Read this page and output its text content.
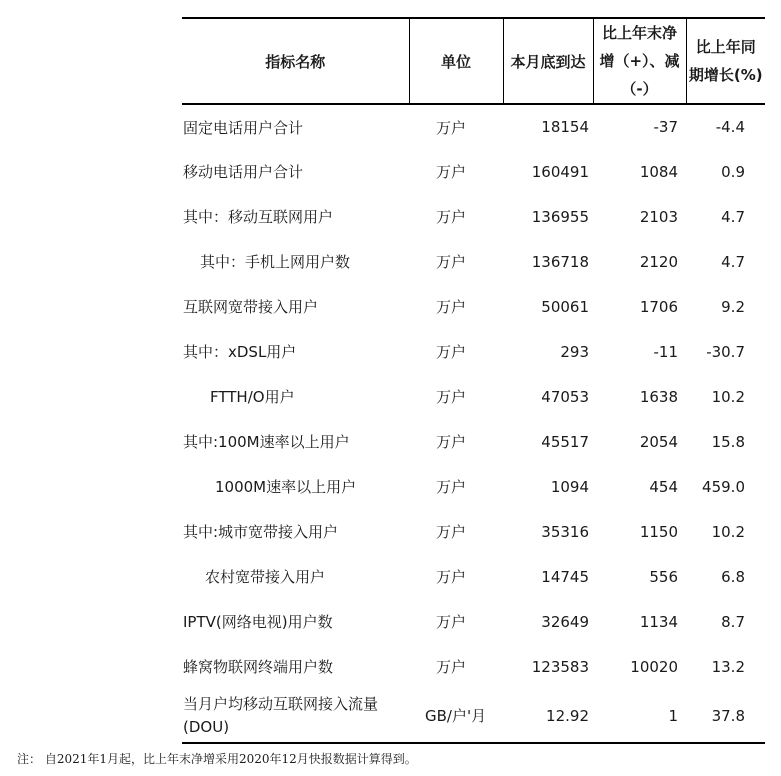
指标名称	单位	本月底到达	比上年末净增（+）、减（-）	比上年同期增长(%)
固定电话用户合计	万户	18154	-37	-4.4
移动电话用户合计	万户	160491	1084	0.9
其中：移动互联网用户	万户	136955	2103	4.7
其中：手机上网用户数	万户	136718	2120	4.7
互联网宽带接入用户	万户	50061	1706	9.2
其中：xDSL用户	万户	293	-11	-30.7
FTTH/O用户	万户	47053	1638	10.2
其中:100M速率以上用户	万户	45517	2054	15.8
1000M速率以上用户	万户	1094	454	459.0
其中:城市宽带接入用户	万户	35316	1150	10.2
农村宽带接入用户	万户	14745	556	6.8
IPTV(网络电视)用户数	万户	32649	1134	8.7
蜂窝物联网终端用户数	万户	123583	10020	13.2
当月户均移动互联网接入流量(DOU)	GB/户'月	12.92	1	37.8
注： 自2021年1月起，比上年末净增采用2020年12月快报数据计算得到。
